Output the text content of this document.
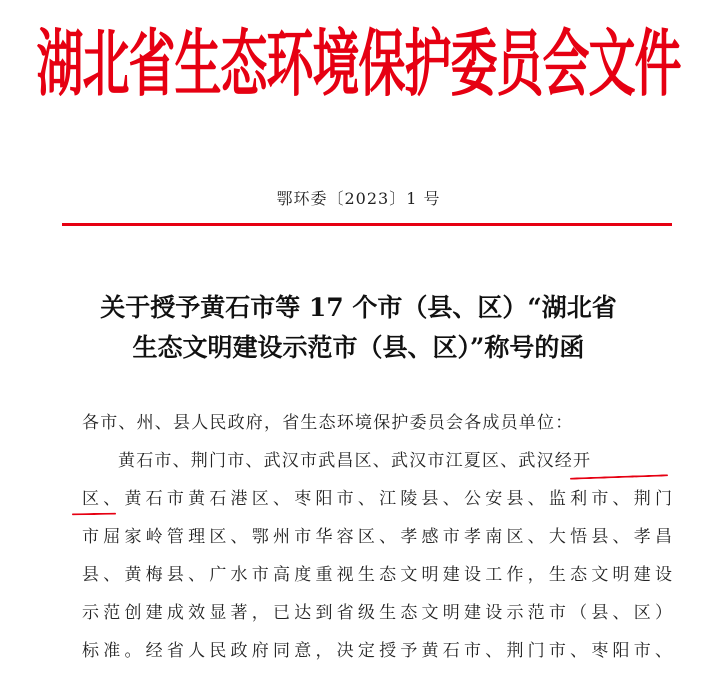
湖北省生态环境保护委员会文件
鄂环委〔2023〕1 号
关于授予黄石市等 17 个市（县、区）“湖北省
生态文明建设示范市（县、区）”称号的函
各市、州、县人民政府，省生态环境保护委员会各成员单位：
黄石市、荆门市、武汉市武昌区、武汉市江夏区、武汉经开
区、黄石市黄石港区、枣阳市、江陵县、公安县、监利市、荆门
市屈家岭管理区、鄂州市华容区、孝感市孝南区、大悟县、孝昌
县、黄梅县、广水市高度重视生态文明建设工作，生态文明建设
示范创建成效显著，已达到省级生态文明建设示范市（县、区）
标准。经省人民政府同意，决定授予黄石市、荆门市、枣阳市、
